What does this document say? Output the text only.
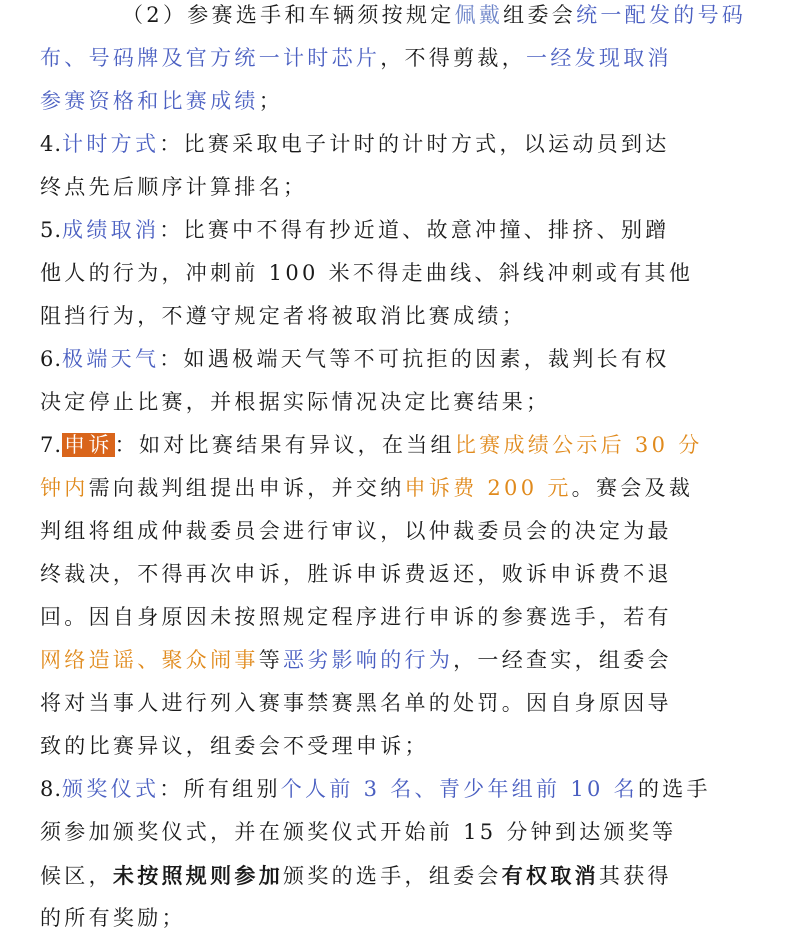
（2）参赛选手和车辆须按规定佩戴组委会统一配发的号码
布、号码牌及官方统一计时芯片，不得剪裁，一经发现取消
参赛资格和比赛成绩；
4.计时方式：比赛采取电子计时的计时方式，以运动员到达
终点先后顺序计算排名；
5.成绩取消：比赛中不得有抄近道、故意冲撞、排挤、别蹭
他人的行为，冲刺前 100 米不得走曲线、斜线冲刺或有其他
阻挡行为，不遵守规定者将被取消比赛成绩；
6.极端天气：如遇极端天气等不可抗拒的因素，裁判长有权
决定停止比赛，并根据实际情况决定比赛结果；
7.申诉：如对比赛结果有异议，在当组比赛成绩公示后 30 分
钟内需向裁判组提出申诉，并交纳申诉费 200 元。赛会及裁
判组将组成仲裁委员会进行审议，以仲裁委员会的决定为最
终裁决，不得再次申诉，胜诉申诉费返还，败诉申诉费不退
回。因自身原因未按照规定程序进行申诉的参赛选手，若有
网络造谣、聚众闹事等恶劣影响的行为，一经查实，组委会
将对当事人进行列入赛事禁赛黑名单的处罚。因自身原因导
致的比赛异议，组委会不受理申诉；
8.颁奖仪式：所有组别个人前 3 名、青少年组前 10 名的选手
须参加颁奖仪式，并在颁奖仪式开始前 15 分钟到达颁奖等
候区，未按照规则参加颁奖的选手，组委会有权取消其获得
的所有奖励；
